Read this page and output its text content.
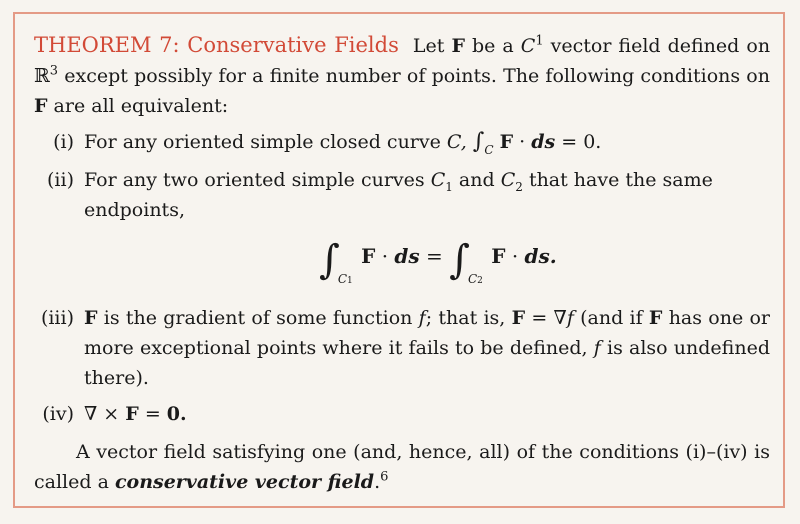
THEOREM 7: Conservative Fields Let F be a $C^1$ vector field defined on ℝ$^3$ except possibly for a finite number of points. The following conditions on F are all equivalent:
(i) For any oriented simple closed curve C, $\int_C$ F · ds = 0.
(ii) For any two oriented simple curves $C_1$ and $C_2$ that have the same endpoints,
$\int_{C1}$ F · ds = $\int_{C2}$ F · ds.
(iii) F is the gradient of some function f; that is, F = ∇f (and if F has one or more exceptional points where it fails to be defined, f is also undefined there).
(iv) ∇ × F = 0.
A vector field satisfying one (and, hence, all) of the conditions (i)–(iv) is called a conservative vector field.$^6$
